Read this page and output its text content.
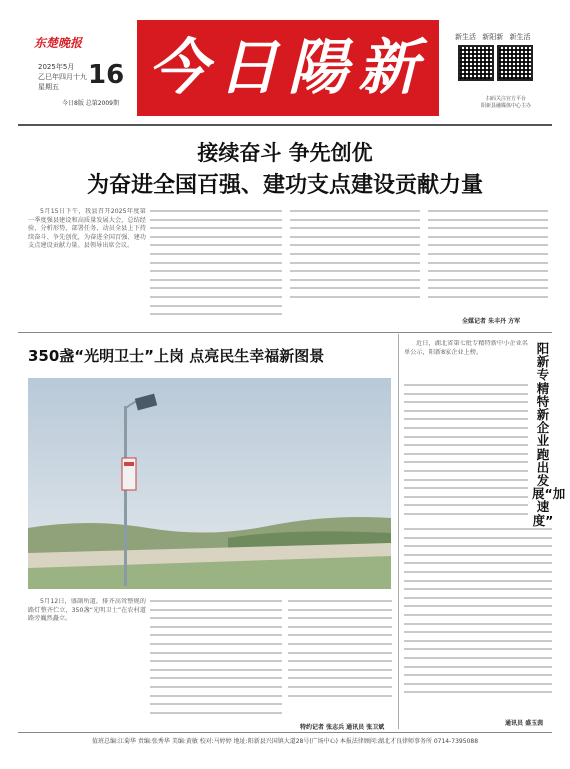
东楚晚报
2025年5月
乙巳年四月十九
星期五	16
今日8版 总第2009期
今日陽新	新生活 新阳新 新生活
扫码关注官方平台
阳新县融媒体中心主办
接续奋斗 争先创优
为奋进全国百强、建功支点建设贡献力量
5月15日下午，我县召开2025年度第一季度强县建设和高质量发展大会，总结经验，分析形势，部署任务，动员全县上下持续奋斗、争先创优，为奋进全国百强、建功支点建设贡献力量。县领导出席会议。
全媒记者 朱丰丹 方军
350盏“光明卫士”上岗 点亮民生幸福新图景
5月12日，盛副所道，排齐高耸整规的路灯整齐伫立，350盏“光明卫士”在农村道路旁巍然矗立。
特约记者 张志兵 通讯员 张卫斌
阳新专精特新企业跑出发展“加速度”
近日，湖北省第七批专精特新中小企业名单公示，阳新8家企业上榜。
通讯员 盛玉茵
值班总编:江菊华 责编:张秀华 美编:黄敏 校对:马婷婷 地址:阳新县兴国镇大道28号(广场中心) 本报法律顾问:湖北才良律师事务所 0714-7395088
